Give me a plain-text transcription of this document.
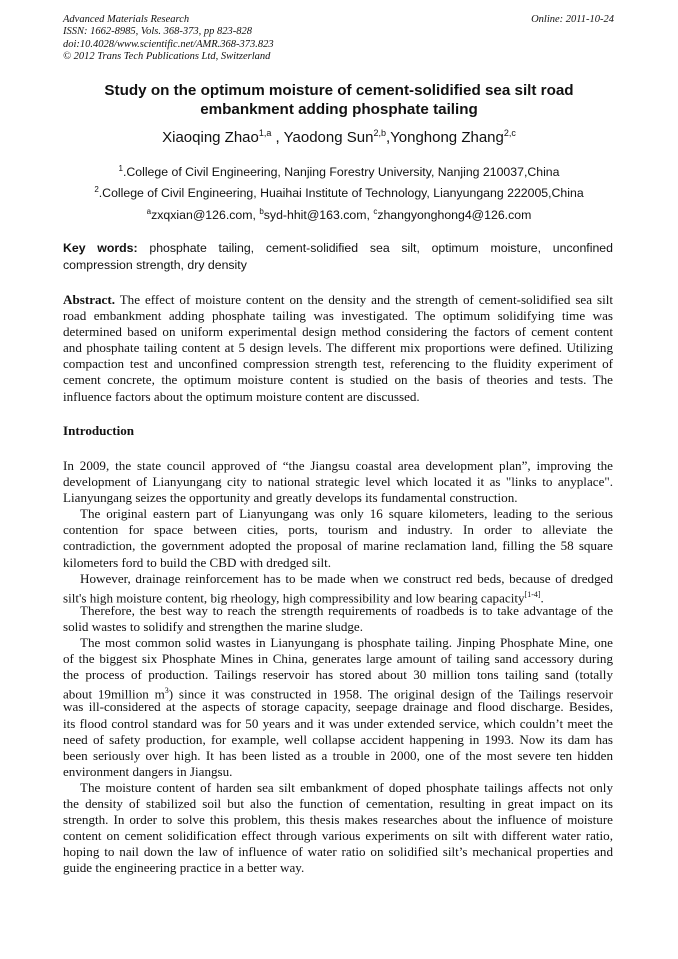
Advanced Materials Research
ISSN: 1662-8985, Vols. 368-373, pp 823-828
doi:10.4028/www.scientific.net/AMR.368-373.823
© 2012 Trans Tech Publications Ltd, Switzerland
Online: 2011-10-24
Study on the optimum moisture of cement-solidified sea silt road
embankment adding phosphate tailing
Xiaoqing Zhao$^{1,a}$ , Yaodong Sun$^{2,b}$,Yonghong Zhang$^{2,c}$
$^1$.College of Civil Engineering, Nanjing Forestry University, Nanjing 210037,China
$^2$.College of Civil Engineering, Huaihai Institute of Technology, Lianyungang 222005,China
$^a$zxqxian@126.com, $^b$syd-hhit@163.com, $^c$zhangyonghong4@126.com
Key words: phosphate tailing, cement-solidified sea silt, optimum moisture, unconfined
compression strength, dry density
Abstract. The effect of moisture content on the density and the strength of cement-solidified sea silt
road embankment adding phosphate tailing was investigated. The optimum solidifying time was
determined based on uniform experimental design method considering the factors of cement content
and phosphate tailing content at 5 design levels. The different mix proportions were defined. Utilizing
compaction test and unconfined compression strength test, referencing to the fluidity experiment of
cement concrete, the optimum moisture content is studied on the basis of theories and tests. The
influence factors about the optimum moisture content are discussed.
Introduction
In 2009, the state council approved of “the Jiangsu coastal area development plan”, improving the
development of Lianyungang city to national strategic level which located it as "links to anyplace".
Lianyungang seizes the opportunity and greatly develops its fundamental construction.
The original eastern part of Lianyungang was only 16 square kilometers, leading to the serious
contention for space between cities, ports, tourism and industry. In order to alleviate the
contradiction, the government adopted the proposal of marine reclamation land, filling the 58 square
kilometers ford to build the CBD with dredged silt.
However, drainage reinforcement has to be made when we construct red beds, because of dredged
silt's high moisture content, big rheology, high compressibility and low bearing capacity[1-4].
Therefore, the best way to reach the strength requirements of roadbeds is to take advantage of the
solid wastes to solidify and strengthen the marine sludge.
The most common solid wastes in Lianyungang is phosphate tailing. Jinping Phosphate Mine, one
of the biggest six Phosphate Mines in China, generates large amount of tailing sand accessory during
the process of production. Tailings reservoir has stored about 30 million tons tailing sand (totally
about 19million $m^3$) since it was constructed in 1958. The original design of the Tailings reservoir
was ill-considered at the aspects of storage capacity, seepage drainage and flood discharge. Besides,
its flood control standard was for 50 years and it was under extended service, which couldn’t meet the
need of safety production, for example, well collapse accident happening in 1993. Now its dam has
been seriously over high. It has been listed as a trouble in 2000, one of the most severe ten hidden
environment dangers in Jiangsu.
The moisture content of harden sea silt embankment of doped phosphate tailings affects not only
the density of stabilized soil but also the function of cementation, resulting in great impact on its
strength. In order to solve this problem, this thesis makes researches about the influence of moisture
content on cement solidification effect through various experiments on silt with different water ratio,
hoping to nail down the law of influence of water ratio on solidified silt’s mechanical properties and
guide the engineering practice in a better way.
